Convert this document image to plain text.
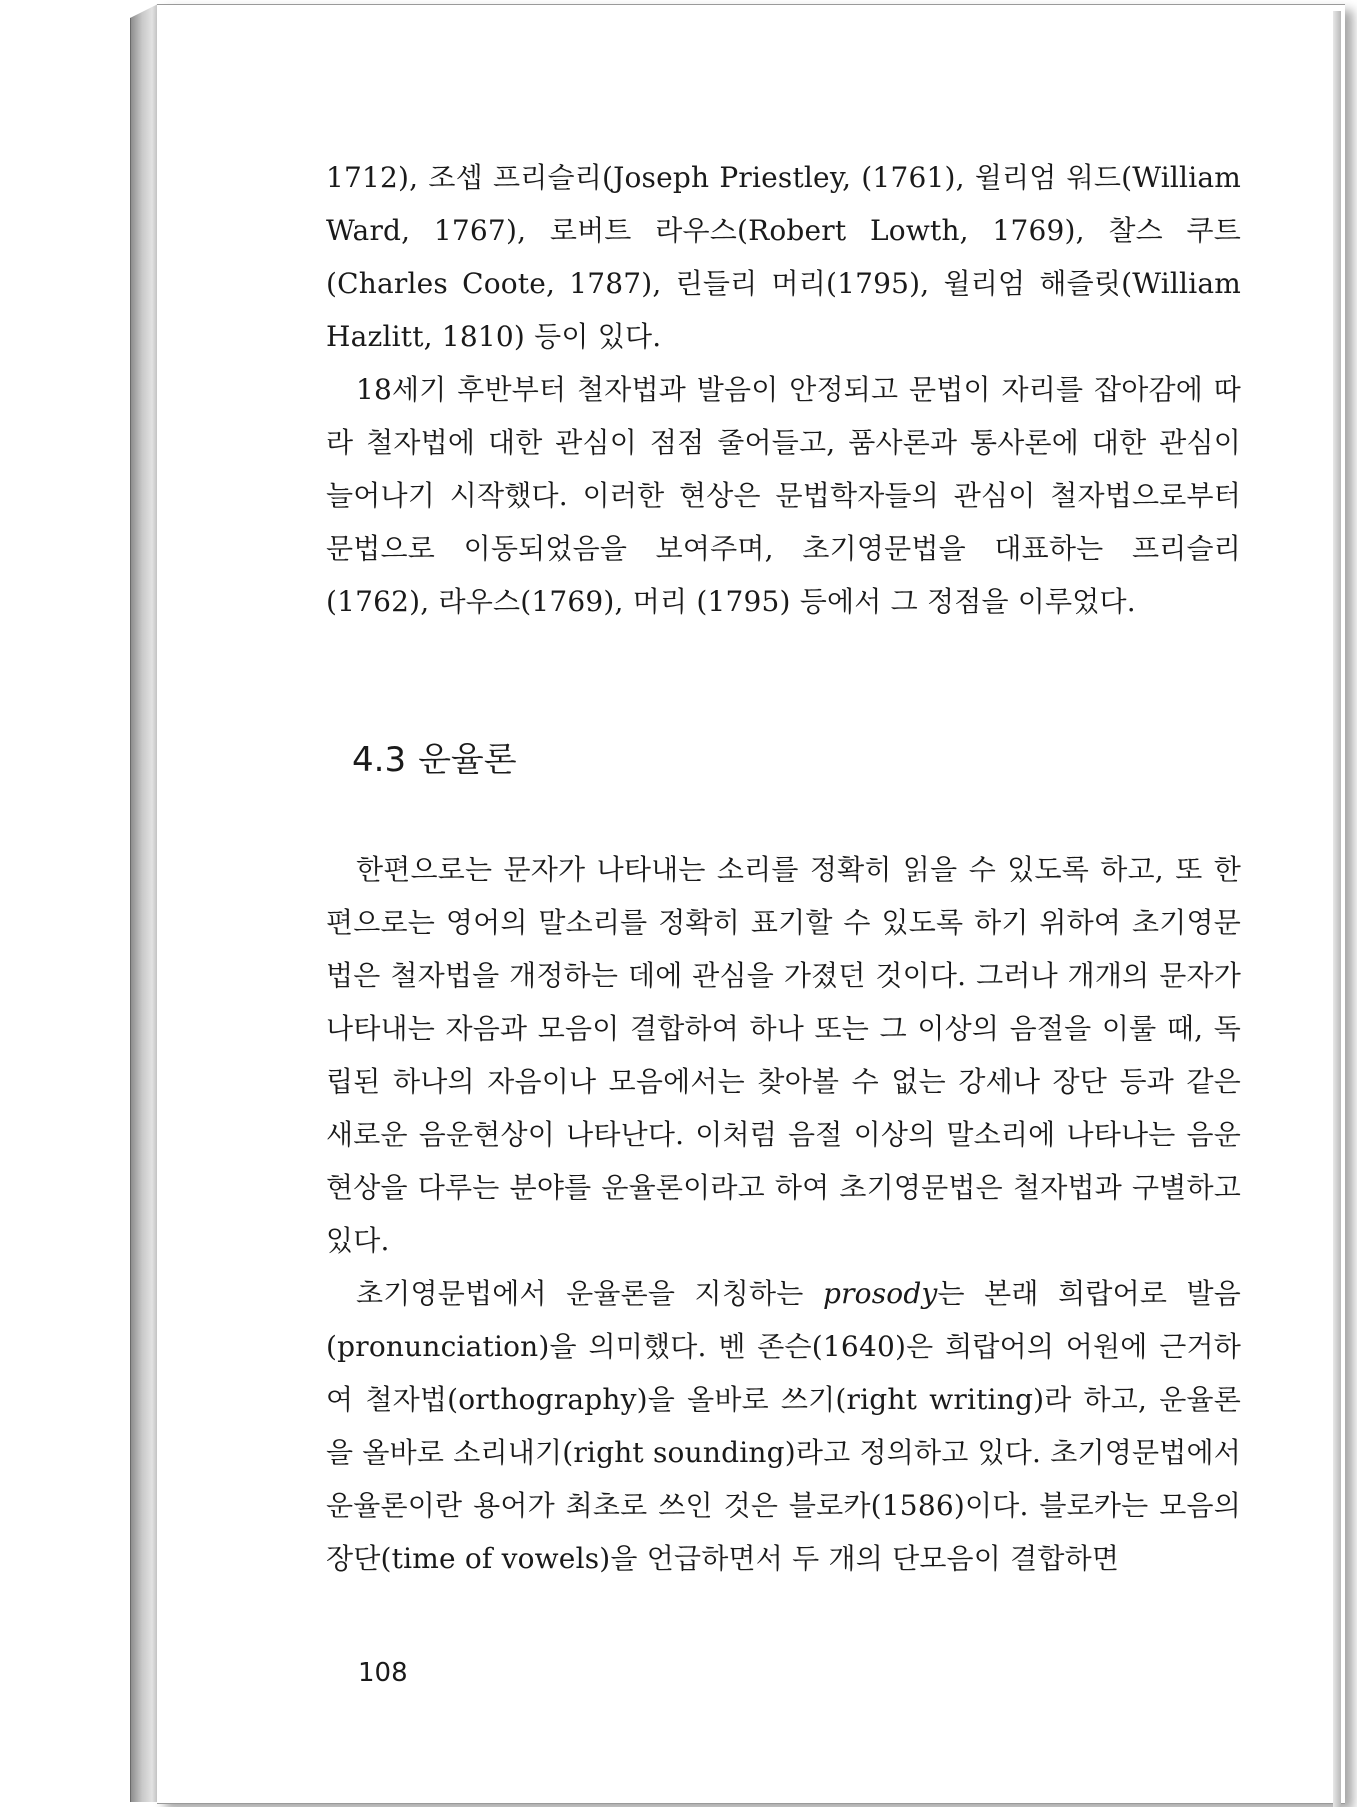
1712), 조셉 프리슬리(Joseph Priestley, (1761), 윌리엄 워드(William Ward, 1767), 로버트 라우스(Robert Lowth, 1769), 찰스 쿠트(Charles Coote, 1787), 린들리 머리(1795), 윌리엄 해즐릿(William Hazlitt, 1810) 등이 있다.

18세기 후반부터 철자법과 발음이 안정되고 문법이 자리를 잡아감에 따라 철자법에 대한 관심이 점점 줄어들고, 품사론과 통사론에 대한 관심이 늘어나기 시작했다. 이러한 현상은 문법학자들의 관심이 철자법으로부터 문법으로 이동되었음을 보여주며, 초기영문법을 대표하는 프리슬리(1762), 라우스(1769), 머리 (1795) 등에서 그 정점을 이루었다.

4.3 운율론

한편으로는 문자가 나타내는 소리를 정확히 읽을 수 있도록 하고, 또 한편으로는 영어의 말소리를 정확히 표기할 수 있도록 하기 위하여 초기영문법은 철자법을 개정하는 데에 관심을 가졌던 것이다. 그러나 개개의 문자가 나타내는 자음과 모음이 결합하여 하나 또는 그 이상의 음절을 이룰 때, 독립된 하나의 자음이나 모음에서는 찾아볼 수 없는 강세나 장단 등과 같은 새로운 음운현상이 나타난다. 이처럼 음절 이상의 말소리에 나타나는 음운현상을 다루는 분야를 운율론이라고 하여 초기영문법은 철자법과 구별하고 있다.

초기영문법에서 운율론을 지칭하는 prosody는 본래 희랍어로 발음(pronunciation)을 의미했다. 벤 존슨(1640)은 희랍어의 어원에 근거하여 철자법(orthography)을 올바로 쓰기(right writing)라 하고, 운율론을 올바로 소리내기(right sounding)라고 정의하고 있다. 초기영문법에서 운율론이란 용어가 최초로 쓰인 것은 블로카(1586)이다. 블로카는 모음의 장단(time of vowels)을 언급하면서 두 개의 단모음이 결합하면

108
